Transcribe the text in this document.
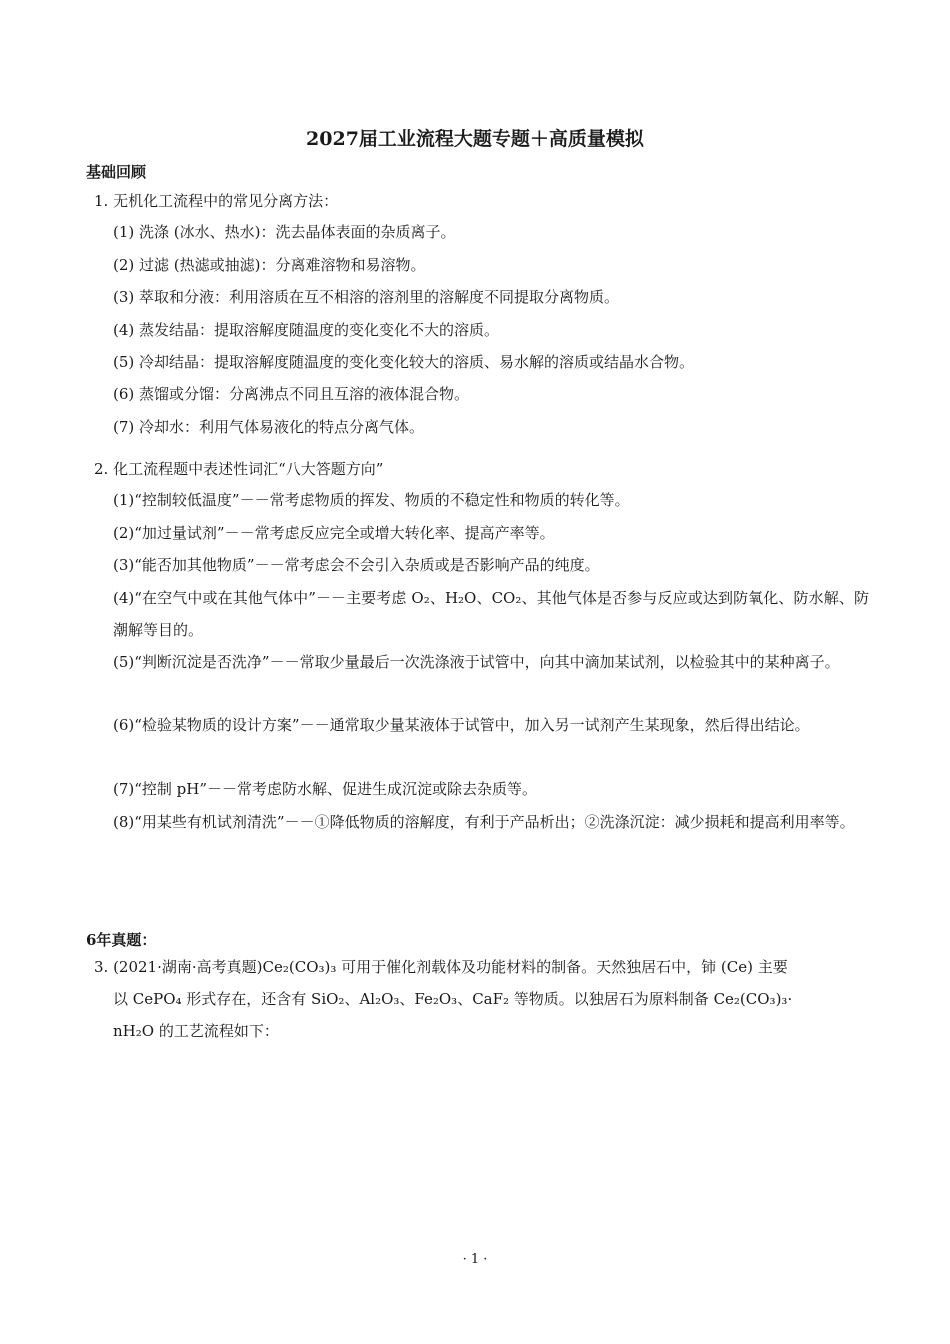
2027届工业流程大题专题＋高质量模拟
基础回顾
1. 无机化工流程中的常见分离方法：
(1) 洗涤 (冰水、热水)：洗去晶体表面的杂质离子。
(2) 过滤 (热滤或抽滤)：分离难溶物和易溶物。
(3) 萃取和分液：利用溶质在互不相溶的溶剂里的溶解度不同提取分离物质。
(4) 蒸发结晶：提取溶解度随温度的变化变化不大的溶质。
(5) 冷却结晶：提取溶解度随温度的变化变化较大的溶质、易水解的溶质或结晶水合物。
(6) 蒸馏或分馏：分离沸点不同且互溶的液体混合物。
(7) 冷却水：利用气体易液化的特点分离气体。
2. 化工流程题中表述性词汇“八大答题方向”
(1)“控制较低温度”－－常考虑物质的挥发、物质的不稳定性和物质的转化等。
(2)“加过量试剂”－－常考虑反应完全或增大转化率、提高产率等。
(3)“能否加其他物质”－－常考虑会不会引入杂质或是否影响产品的纯度。
(4)“在空气中或在其他气体中”－－主要考虑 O₂、H₂O、CO₂、其他气体是否参与反应或达到防氧化、防水解、防潮解等目的。
(5)“判断沉淀是否洗净”－－常取少量最后一次洗涤液于试管中，向其中滴加某试剂，以检验其中的某种离子。
(6)“检验某物质的设计方案”－－通常取少量某液体于试管中，加入另一试剂产生某现象，然后得出结论。
(7)“控制 pH”－－常考虑防水解、促进生成沉淀或除去杂质等。
(8)“用某些有机试剂清洗”－－①降低物质的溶解度，有利于产品析出；②洗涤沉淀：减少损耗和提高利用率等。
6年真题：
3. (2021·湖南·高考真题)Ce₂(CO₃)₃ 可用于催化剂载体及功能材料的制备。天然独居石中，铈 (Ce) 主要
以 CePO₄ 形式存在，还含有 SiO₂、Al₂O₃、Fe₂O₃、CaF₂ 等物质。以独居石为原料制备 Ce₂(CO₃)₃·
nH₂O 的工艺流程如下：
· 1 ·
